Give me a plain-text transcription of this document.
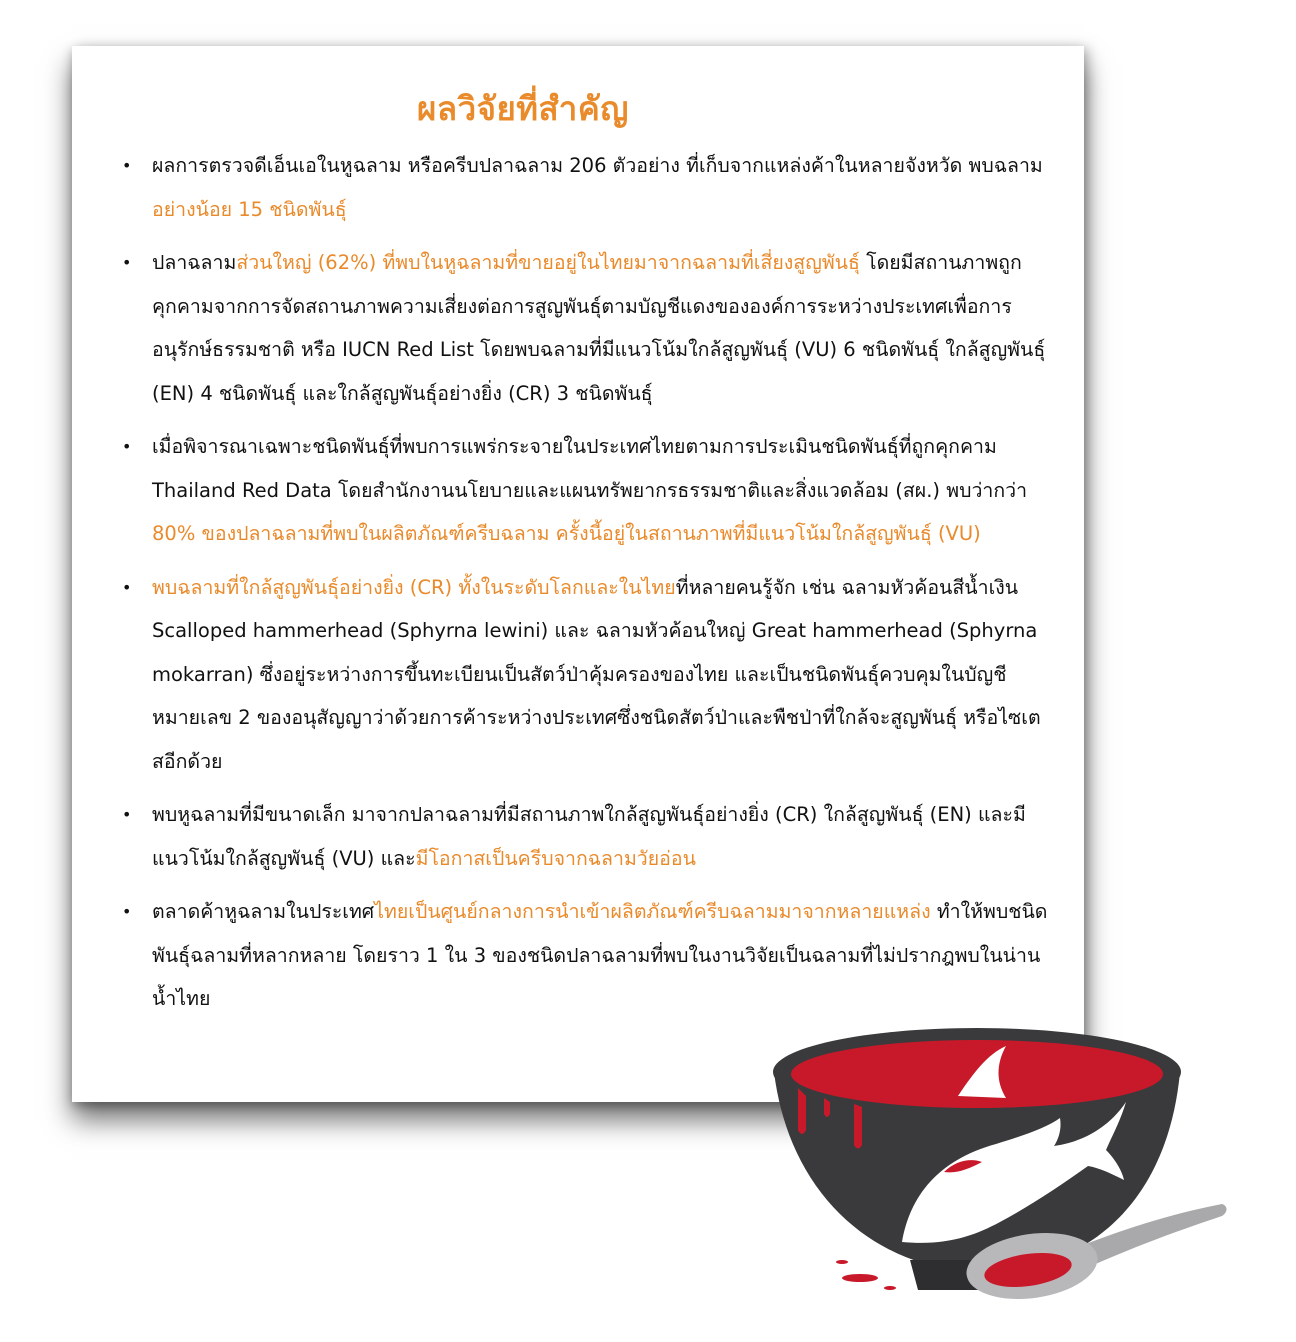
ผลวิจัยที่สำคัญ
• ผลการตรวจดีเอ็นเอในหูฉลาม หรือครีบปลาฉลาม 206 ตัวอย่าง ที่เก็บจากแหล่งค้าในหลายจังหวัด พบฉลามอย่างน้อย 15 ชนิดพันธุ์
• ปลาฉลามส่วนใหญ่ (62%) ที่พบในหูฉลามที่ขายอยู่ในไทยมาจากฉลามที่เสี่ยงสูญพันธุ์ โดยมีสถานภาพถูกคุกคามจากการจัดสถานภาพความเสี่ยงต่อการสูญพันธุ์ตามบัญชีแดงขององค์การระหว่างประเทศเพื่อการอนุรักษ์ธรรมชาติ หรือ IUCN Red List โดยพบฉลามที่มีแนวโน้มใกล้สูญพันธุ์ (VU) 6 ชนิดพันธุ์ ใกล้สูญพันธุ์ (EN) 4 ชนิดพันธุ์ และใกล้สูญพันธุ์อย่างยิ่ง (CR) 3 ชนิดพันธุ์
• เมื่อพิจารณาเฉพาะชนิดพันธุ์ที่พบการแพร่กระจายในประเทศไทยตามการประเมินชนิดพันธุ์ที่ถูกคุกคาม Thailand Red Data โดยสำนักงานนโยบายและแผนทรัพยากรธรรมชาติและสิ่งแวดล้อม (สผ.) พบว่ากว่า 80% ของปลาฉลามที่พบในผลิตภัณฑ์ครีบฉลาม ครั้งนี้อยู่ในสถานภาพที่มีแนวโน้มใกล้สูญพันธุ์ (VU)
• พบฉลามที่ใกล้สูญพันธุ์อย่างยิ่ง (CR) ทั้งในระดับโลกและในไทยที่หลายคนรู้จัก เช่น ฉลามหัวค้อนสีน้ำเงิน Scalloped hammerhead (Sphyrna lewini) และ ฉลามหัวค้อนใหญ่ Great hammerhead (Sphyrna mokarran) ซึ่งอยู่ระหว่างการขึ้นทะเบียนเป็นสัตว์ป่าคุ้มครองของไทย และเป็นชนิดพันธุ์ควบคุมในบัญชีหมายเลข 2 ของอนุสัญญาว่าด้วยการค้าระหว่างประเทศซึ่งชนิดสัตว์ป่าและพืชป่าที่ใกล้จะสูญพันธุ์ หรือไซเตสอีกด้วย
• พบหูฉลามที่มีขนาดเล็ก มาจากปลาฉลามที่มีสถานภาพใกล้สูญพันธุ์อย่างยิ่ง (CR) ใกล้สูญพันธุ์ (EN) และมีแนวโน้มใกล้สูญพันธุ์ (VU) และมีโอกาสเป็นครีบจากฉลามวัยอ่อน
• ตลาดค้าหูฉลามในประเทศไทยเป็นศูนย์กลางการนำเข้าผลิตภัณฑ์ครีบฉลามมาจากหลายแหล่ง ทำให้พบชนิดพันธุ์ฉลามที่หลากหลาย โดยราว 1 ใน 3 ของชนิดปลาฉลามที่พบในงานวิจัยเป็นฉลามที่ไม่ปรากฎพบในน่านน้ำไทย
